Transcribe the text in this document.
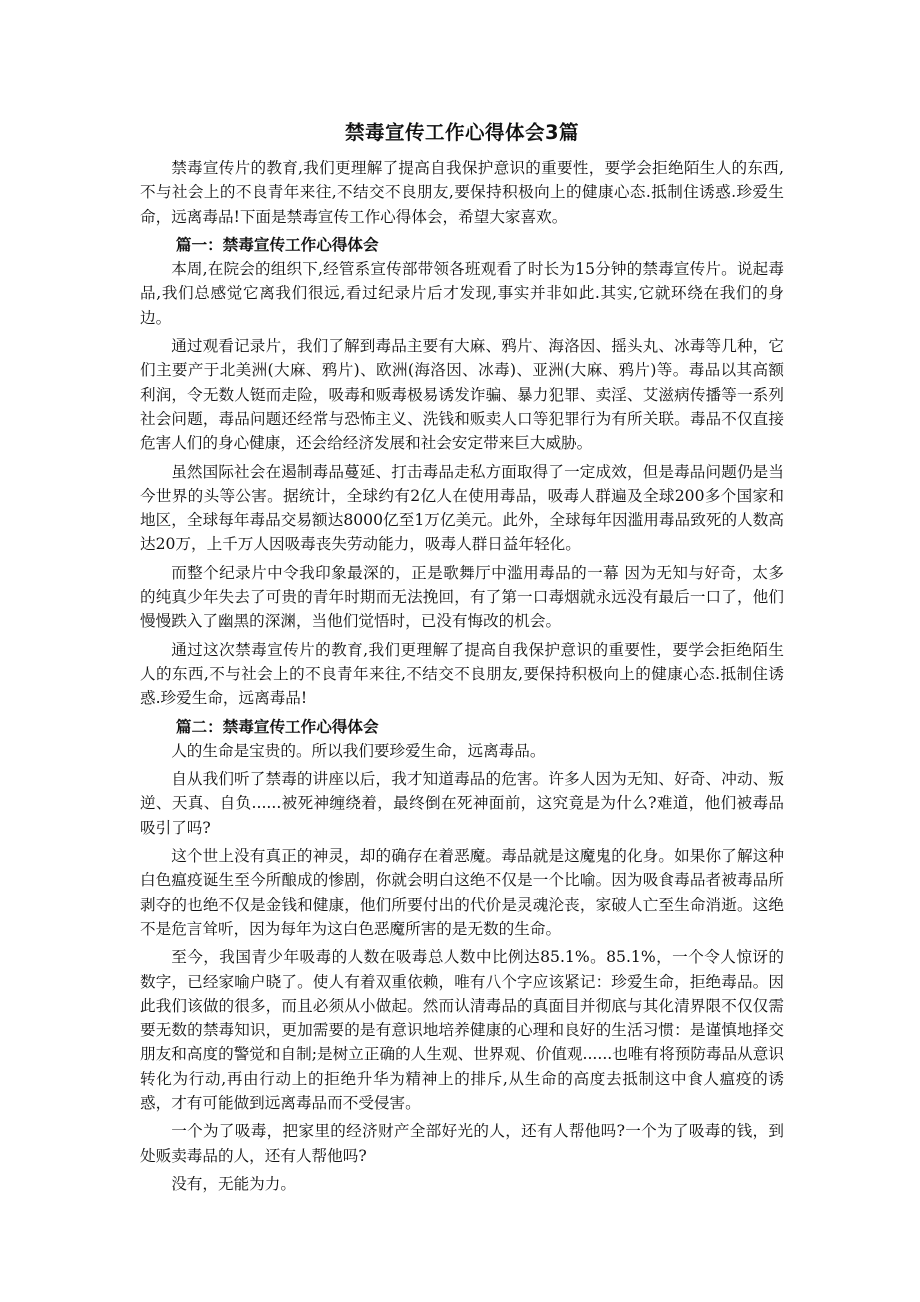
禁毒宣传工作心得体会3篇

禁毒宣传片的教育,我们更理解了提高自我保护意识的重要性，要学会拒绝陌生人的东西,不与社会上的不良青年来往,不结交不良朋友,要保持积极向上的健康心态.抵制住诱惑.珍爱生命，远离毒品!下面是禁毒宣传工作心得体会，希望大家喜欢。

篇一：禁毒宣传工作心得体会

本周,在院会的组织下,经管系宣传部带领各班观看了时长为15分钟的禁毒宣传片。说起毒品,我们总感觉它离我们很远,看过纪录片后才发现,事实并非如此.其实,它就环绕在我们的身边。

通过观看记录片，我们了解到毒品主要有大麻、鸦片、海洛因、摇头丸、冰毒等几种，它们主要产于北美洲(大麻、鸦片)、欧洲(海洛因、冰毒)、亚洲(大麻、鸦片)等。毒品以其高额利润，令无数人铤而走险，吸毒和贩毒极易诱发诈骗、暴力犯罪、卖淫、艾滋病传播等一系列社会问题，毒品问题还经常与恐怖主义、洗钱和贩卖人口等犯罪行为有所关联。毒品不仅直接危害人们的身心健康，还会给经济发展和社会安定带来巨大威胁。

虽然国际社会在遏制毒品蔓延、打击毒品走私方面取得了一定成效，但是毒品问题仍是当今世界的头等公害。据统计，全球约有2亿人在使用毒品，吸毒人群遍及全球200多个国家和地区，全球每年毒品交易额达8000亿至1万亿美元。此外，全球每年因滥用毒品致死的人数高达20万，上千万人因吸毒丧失劳动能力，吸毒人群日益年轻化。

而整个纪录片中令我印象最深的，正是歌舞厅中滥用毒品的一幕 因为无知与好奇，太多的纯真少年失去了可贵的青年时期而无法挽回，有了第一口毒烟就永远没有最后一口了，他们慢慢跌入了幽黑的深渊，当他们觉悟时，已没有悔改的机会。

通过这次禁毒宣传片的教育,我们更理解了提高自我保护意识的重要性，要学会拒绝陌生人的东西,不与社会上的不良青年来往,不结交不良朋友,要保持积极向上的健康心态.抵制住诱惑.珍爱生命，远离毒品!

篇二：禁毒宣传工作心得体会

人的生命是宝贵的。所以我们要珍爱生命，远离毒品。

自从我们听了禁毒的讲座以后，我才知道毒品的危害。许多人因为无知、好奇、冲动、叛逆、天真、自负......被死神缠绕着，最终倒在死神面前，这究竟是为什么?难道，他们被毒品吸引了吗?

这个世上没有真正的神灵，却的确存在着恶魔。毒品就是这魔鬼的化身。如果你了解这种白色瘟疫诞生至今所酿成的惨剧，你就会明白这绝不仅是一个比喻。因为吸食毒品者被毒品所剥夺的也绝不仅是金钱和健康，他们所要付出的代价是灵魂沦丧，家破人亡至生命消逝。这绝不是危言耸听，因为每年为这白色恶魔所害的是无数的生命。

至今，我国青少年吸毒的人数在吸毒总人数中比例达85.1%。85.1%，一个令人惊讶的数字，已经家喻户晓了。使人有着双重依赖，唯有八个字应该紧记：珍爱生命，拒绝毒品。因此我们该做的很多，而且必须从小做起。然而认清毒品的真面目并彻底与其化清界限不仅仅需要无数的禁毒知识，更加需要的是有意识地培养健康的心理和良好的生活习惯：是谨慎地择交朋友和高度的警觉和自制;是树立正确的人生观、世界观、价值观......也唯有将预防毒品从意识转化为行动,再由行动上的拒绝升华为精神上的排斥,从生命的高度去抵制这中食人瘟疫的诱惑，才有可能做到远离毒品而不受侵害。

一个为了吸毒，把家里的经济财产全部好光的人，还有人帮他吗?一个为了吸毒的钱，到处贩卖毒品的人，还有人帮他吗?

没有，无能为力。
